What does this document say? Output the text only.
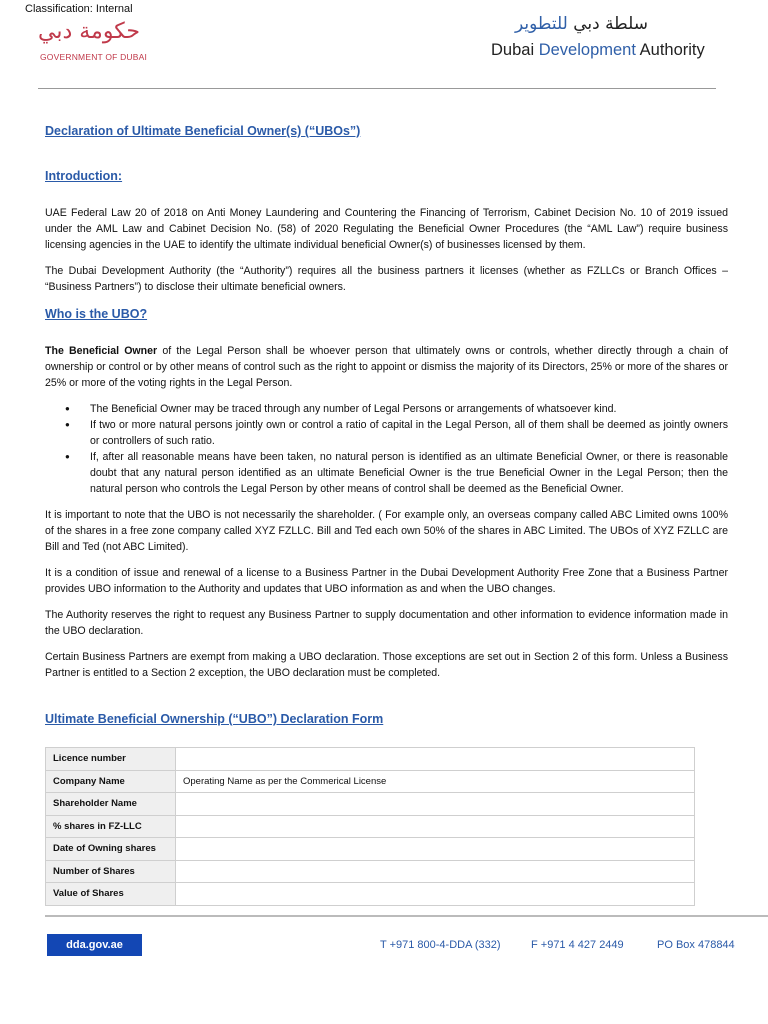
Classification: Internal
حكومة دبي
GOVERNMENT OF DUBAI
سلطة دبي للتطوير
Dubai Development Authority
Declaration of Ultimate Beneficial Owner(s) (“UBOs”)
Introduction:

UAE Federal Law 20 of 2018 on Anti Money Laundering and Countering the Financing of Terrorism, Cabinet Decision No. 10 of 2019 issued under the AML Law and Cabinet Decision No. (58) of 2020 Regulating the Beneficial Owner Procedures (the “AML Law”) require business licensing agencies in the UAE to identify the ultimate individual beneficial Owner(s) of businesses licensed by them.

The Dubai Development Authority (the “Authority”) requires all the business partners it licenses (whether as FZLLCs or Branch Offices – “Business Partners”) to disclose their ultimate beneficial owners.

Who is the UBO?

The Beneficial Owner of the Legal Person shall be whoever person that ultimately owns or controls, whether directly through a chain of ownership or control or by other means of control such as the right to appoint or dismiss the majority of its Directors, 25% or more of the shares or 25% or more of the voting rights in the Legal Person.

● The Beneficial Owner may be traced through any number of Legal Persons or arrangements of whatsoever kind.
● If two or more natural persons jointly own or control a ratio of capital in the Legal Person, all of them shall be deemed as jointly owners or controllers of such ratio.
● If, after all reasonable means have been taken, no natural person is identified as an ultimate Beneficial Owner, or there is reasonable doubt that any natural person identified as an ultimate Beneficial Owner is the true Beneficial Owner in the Legal Person; then the natural person who controls the Legal Person by other means of control shall be deemed as the Beneficial Owner.

It is important to note that the UBO is not necessarily the shareholder. ( For example only, an overseas company called ABC Limited owns 100% of the shares in a free zone company called XYZ FZLLC. Bill and Ted each own 50% of the shares in ABC Limited. The UBOs of XYZ FZLLC are Bill and Ted (not ABC Limited).

It is a condition of issue and renewal of a license to a Business Partner in the Dubai Development Authority Free Zone that a Business Partner provides UBO information to the Authority and updates that UBO information as and when the UBO changes.

The Authority reserves the right to request any Business Partner to supply documentation and other information to evidence information made in the UBO declaration.

Certain Business Partners are exempt from making a UBO declaration. Those exceptions are set out in Section 2 of this form. Unless a Business Partner is entitled to a Section 2 exception, the UBO declaration must be completed.

Ultimate Beneficial Ownership (“UBO”) Declaration Form
Licence number	
Company Name	Operating Name as per the Commerical License
Shareholder Name	
% shares in FZ-LLC	
Date of Owning shares	
Number of Shares	
Value of Shares	
dda.gov.ae	T +971 800-4-DDA (332)	F +971 4 427 2449	PO Box 478844
